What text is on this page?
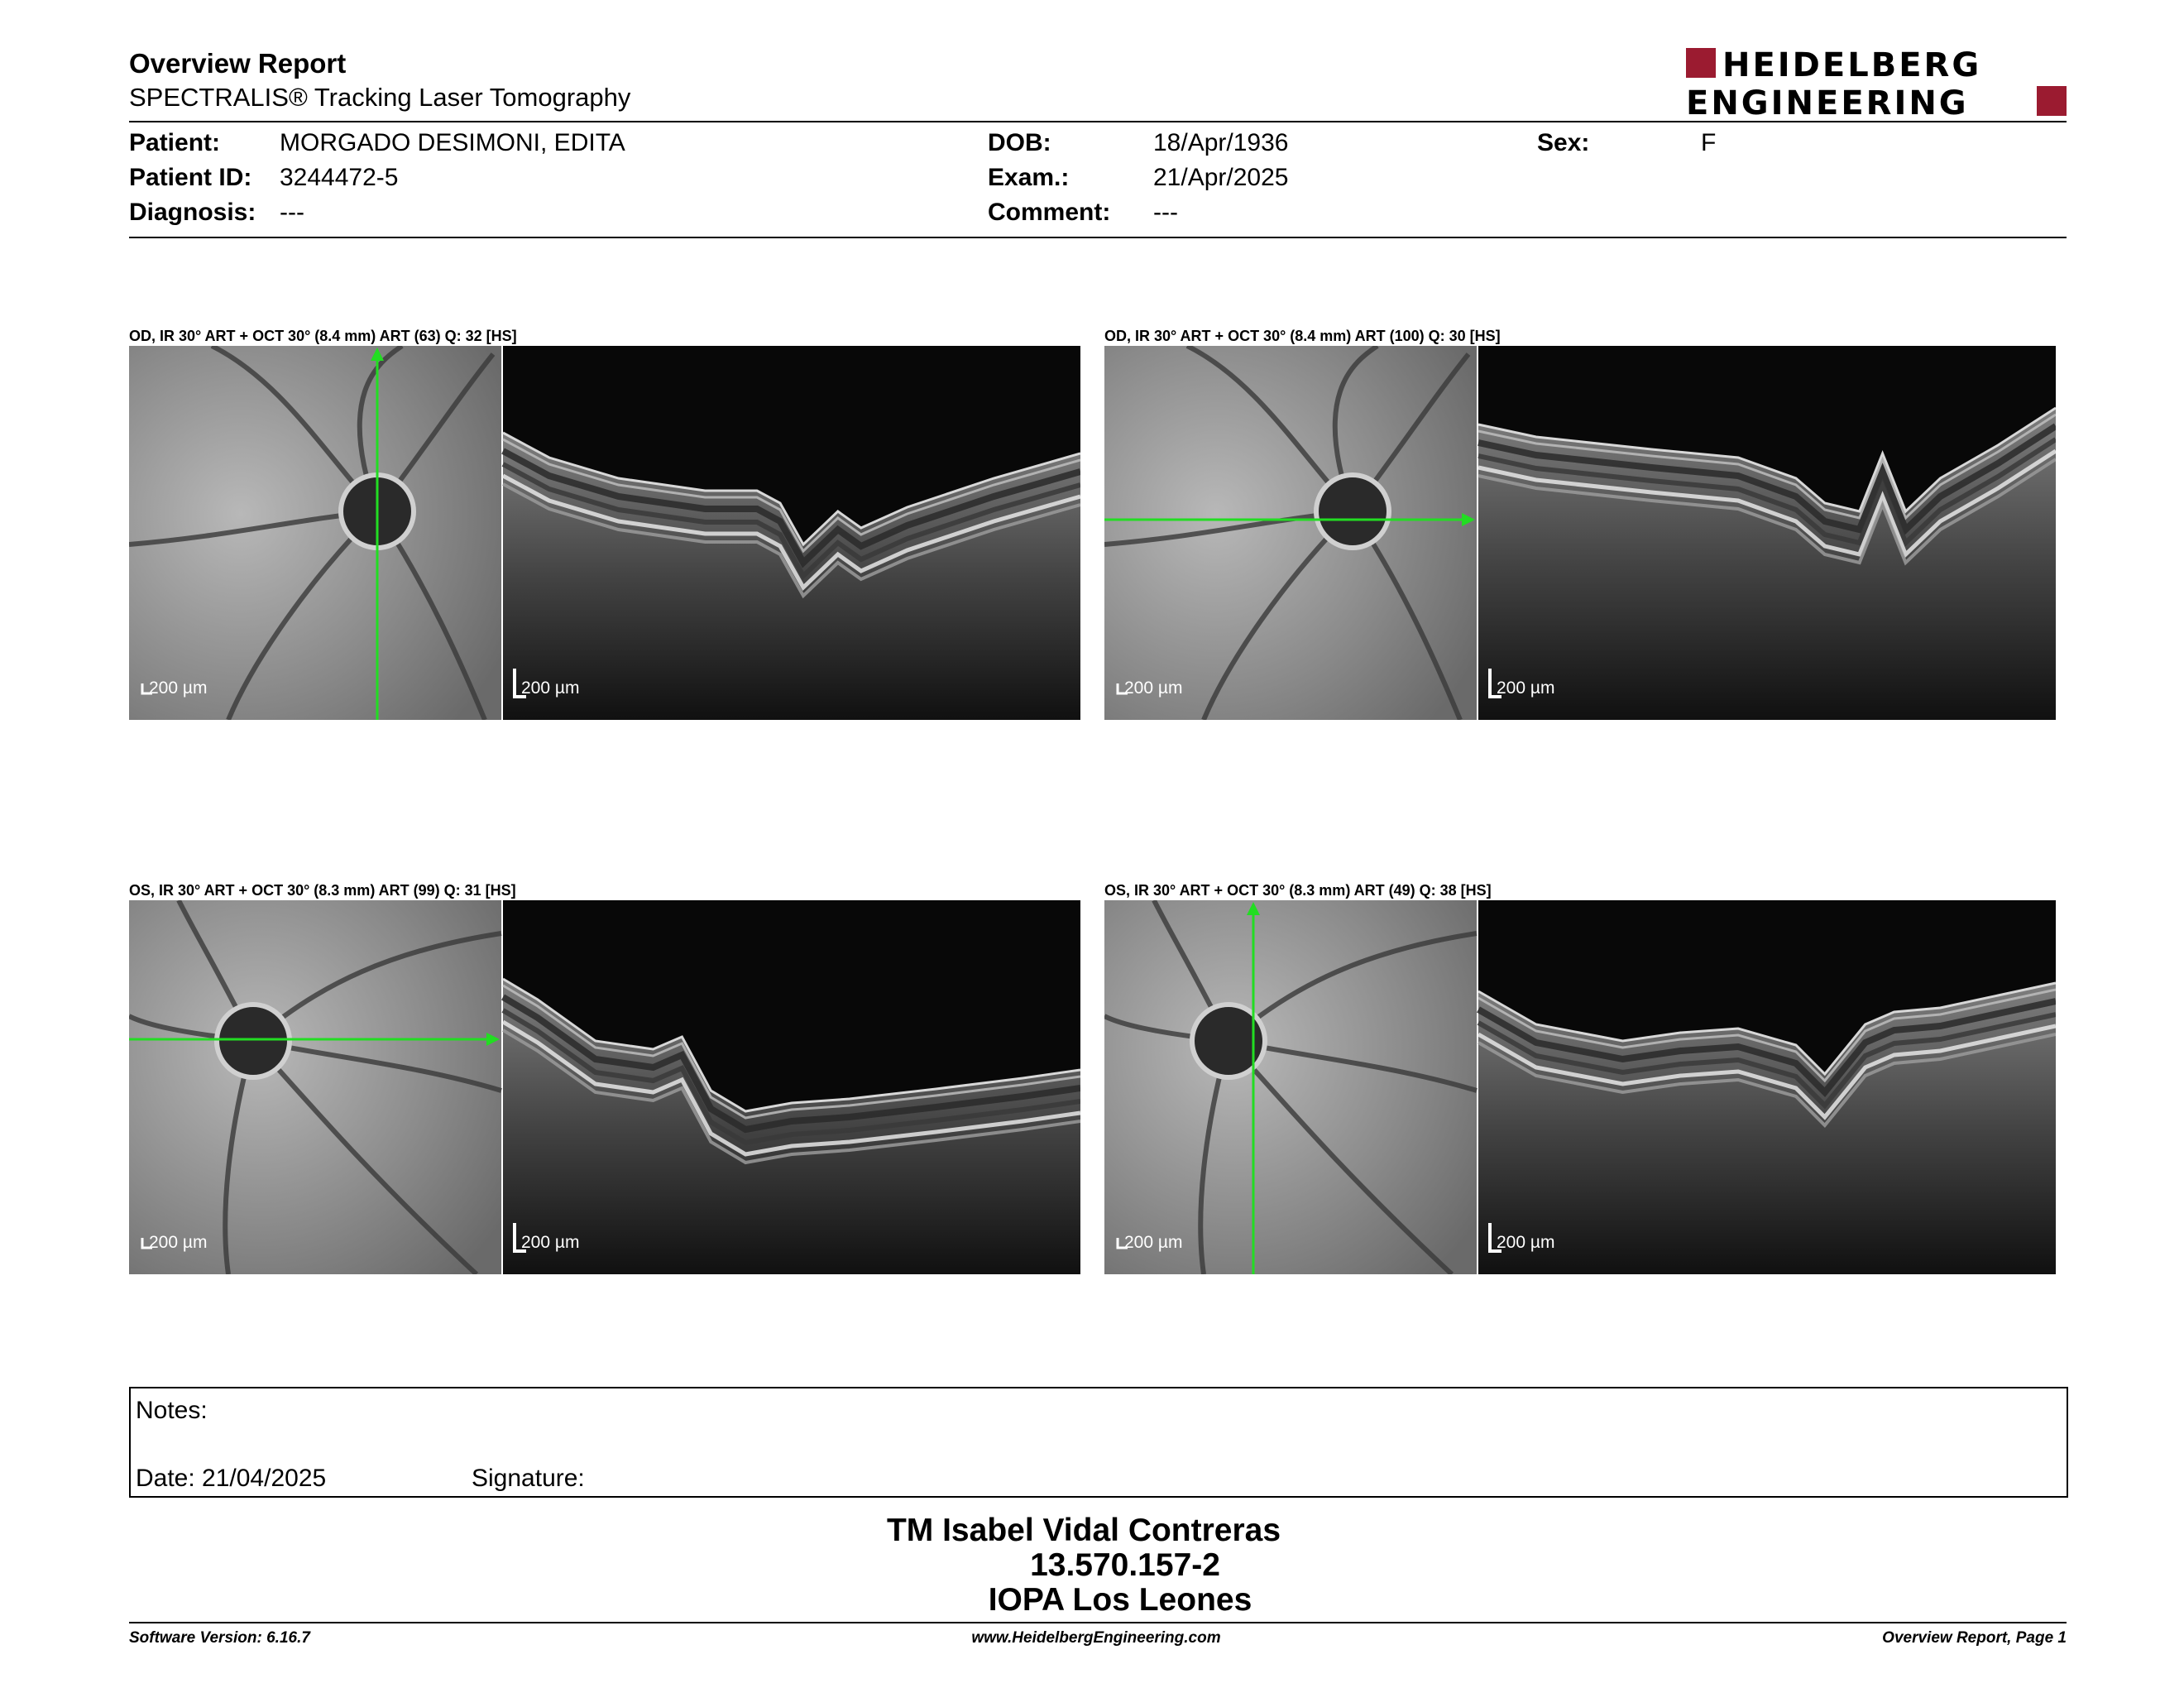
Overview Report
SPECTRALIS® Tracking Laser Tomography
HEIDELBERG
ENGINEERING
Patient: MORGADO DESIMONI, EDITA
Patient ID: 3244472-5
Diagnosis: ---
DOB:	18/Apr/1936
Exam.:	21/Apr/2025
Comment: ---
Sex:	F
OD, IR 30° ART + OCT 30° (8.4 mm) ART (63) Q: 32 [HS]
200 µm	200 µm
OD, IR 30° ART + OCT 30° (8.4 mm) ART (100) Q: 30 [HS]
200 µm	200 µm
OS, IR 30° ART + OCT 30° (8.3 mm) ART (99) Q: 31 [HS]
200 µm	200 µm
OS, IR 30° ART + OCT 30° (8.3 mm) ART (49) Q: 38 [HS]
200 µm	200 µm
Notes:
Date: 21/04/2025	Signature:
TM Isabel Vidal Contreras
13.570.157-2
IOPA Los Leones
Software Version: 6.16.7	www.HeidelbergEngineering.com	Overview Report, Page 1
